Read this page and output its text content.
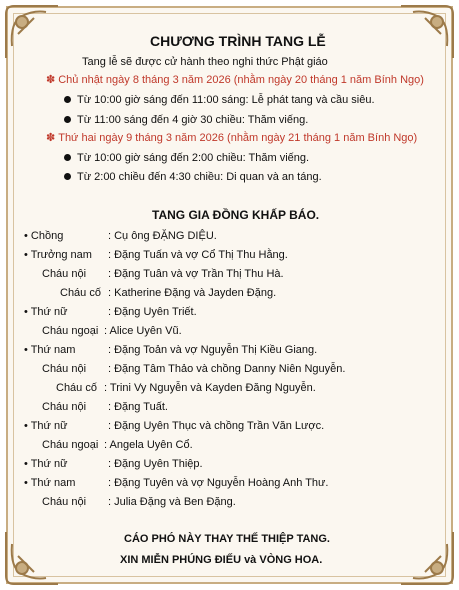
CHƯƠNG TRÌNH TANG LỄ
Tang lễ sẽ được cử hành theo nghi thức Phật giáo
✽ Chủ nhật ngày 8 tháng 3 năm 2026 (nhằm ngày 20 tháng 1 năm Bính Ngọ)
Từ 10:00 giờ sáng đến 11:00 sáng: Lễ phát tang và cầu siêu.
Từ 11:00 sáng đến 4 giờ 30 chiều: Thăm viếng.
✽ Thứ hai ngày 9 tháng 3 năm 2026 (nhằm ngày 21 tháng 1 năm Bính Ngọ)
Từ 10:00 giờ sáng đến 2:00 chiều: Thăm viếng.
Từ 2:00 chiều đến 4:30 chiều: Di quan và an táng.
TANG GIA ĐỒNG KHẤP BÁO.
• Chồng	: Cụ ông ĐẶNG DIỆU.
• Trưởng nam : Đặng Tuấn và vợ Cổ Thị Thu Hằng.
Cháu nội : Đặng Tuân và vợ Trần Thị Thu Hà.
Cháu cố : Katherine Đặng và Jayden Đặng.
• Thứ nữ	: Đặng Uyên Triết.
Cháu ngoại : Alice Uyên Vũ.
• Thứ nam	: Đặng Toản và vợ Nguyễn Thị Kiều Giang.
Cháu nội : Đặng Tâm Thảo và chồng Danny Niên Nguyễn.
Cháu cố : Trini Vy Nguyễn và Kayden Đăng Nguyễn.
Cháu nội : Đặng Tuất.
• Thứ nữ	: Đặng Uyên Thục và chồng Trần Văn Lược.
Cháu ngoại : Angela Uyên Cổ.
• Thứ nữ	: Đặng Uyên Thiệp.
• Thứ nam	: Đặng Tuyên và vợ Nguyễn Hoàng Anh Thư.
Cháu nội : Julia Đặng và Ben Đặng.
CÁO PHÓ NÀY THAY THẾ THIỆP TANG.
XIN MIỄN PHÚNG ĐIẾU và VÒNG HOA.
